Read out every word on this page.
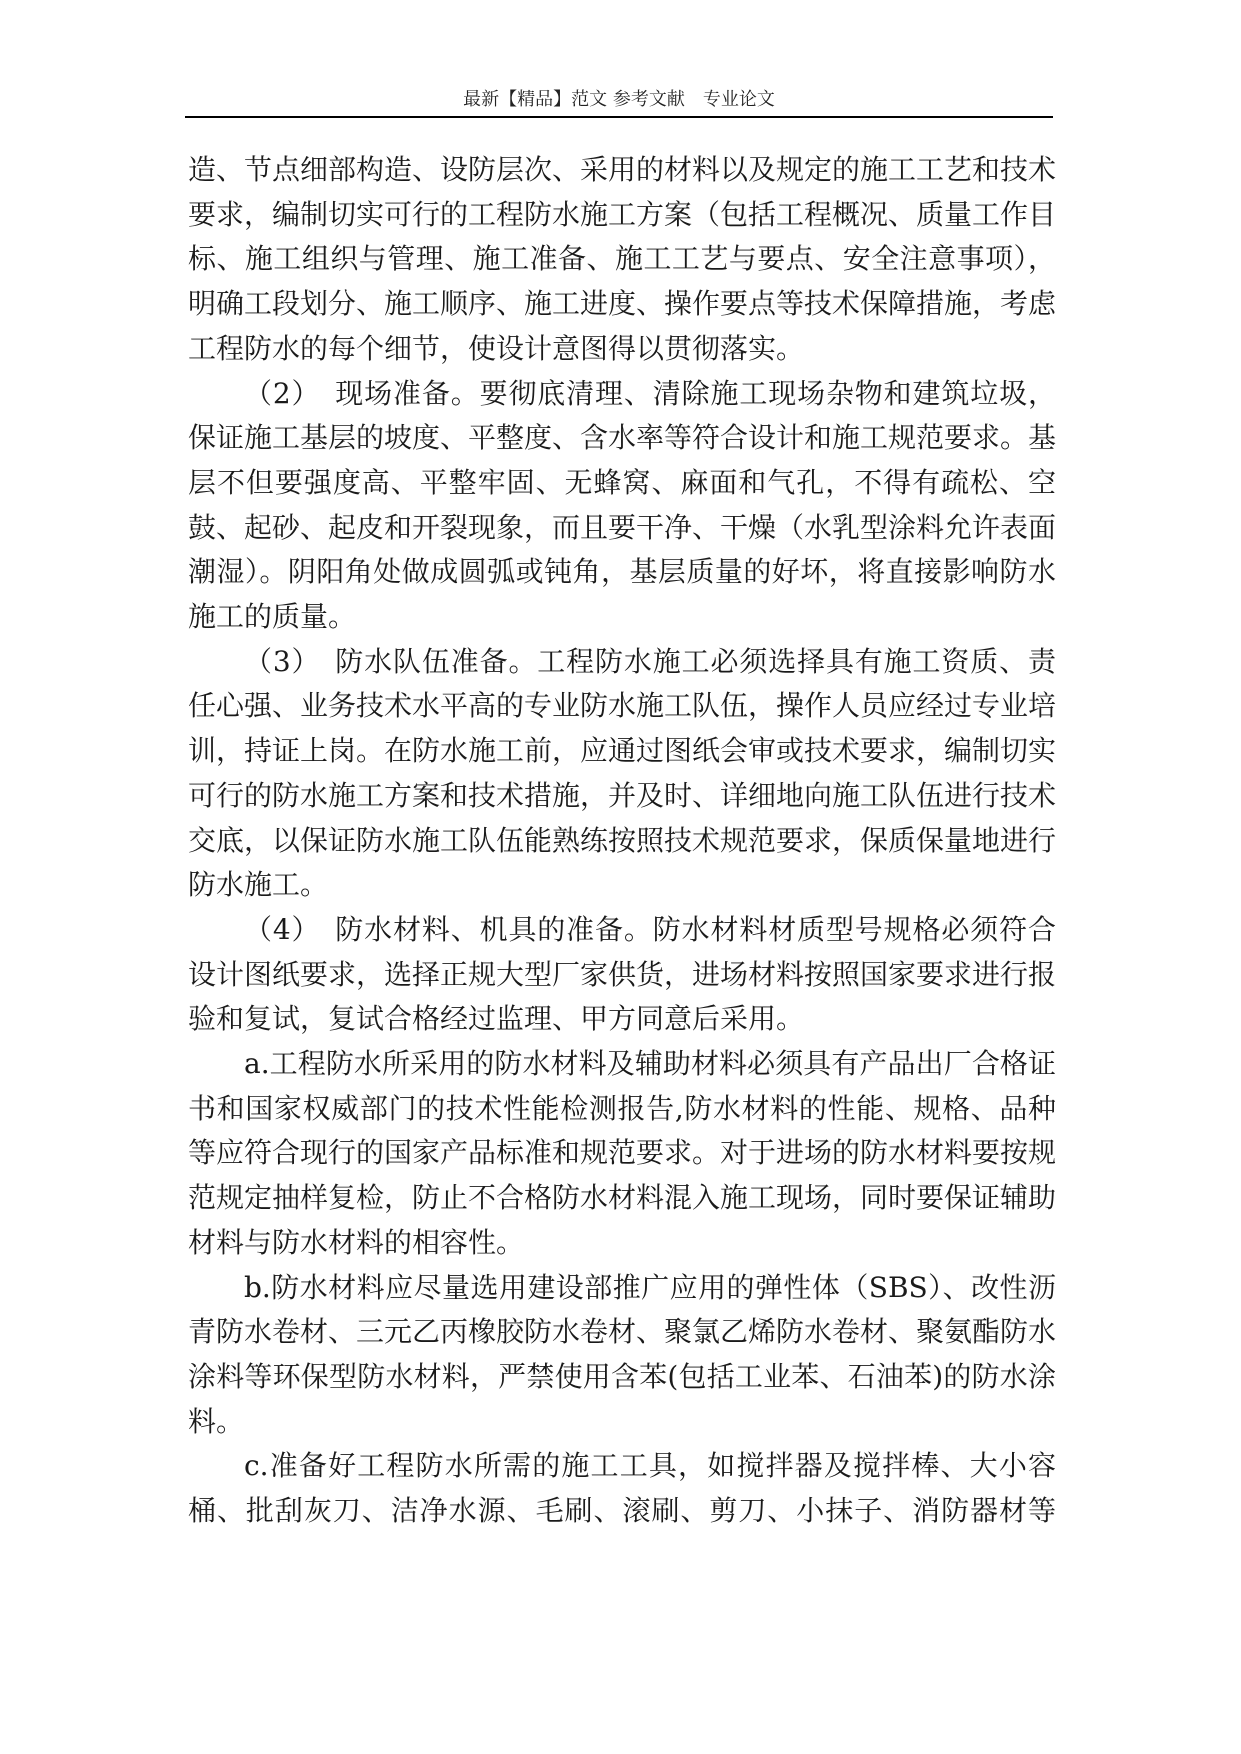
最新【精品】范文 参考文献　专业论文

造、节点细部构造、设防层次、采用的材料以及规定的施工工艺和技术要求，编制切实可行的工程防水施工方案（包括工程概况、质量工作目标、施工组织与管理、施工准备、施工工艺与要点、安全注意事项），明确工段划分、施工顺序、施工进度、操作要点等技术保障措施，考虑工程防水的每个细节，使设计意图得以贯彻落实。

（2）　现场准备。要彻底清理、清除施工现场杂物和建筑垃圾，保证施工基层的坡度、平整度、含水率等符合设计和施工规范要求。基层不但要强度高、平整牢固、无蜂窝、麻面和气孔，不得有疏松、空鼓、起砂、起皮和开裂现象，而且要干净、干燥（水乳型涂料允许表面潮湿）。阴阳角处做成圆弧或钝角，基层质量的好坏，将直接影响防水施工的质量。

（3）　防水队伍准备。工程防水施工必须选择具有施工资质、责任心强、业务技术水平高的专业防水施工队伍，操作人员应经过专业培训，持证上岗。在防水施工前，应通过图纸会审或技术要求，编制切实可行的防水施工方案和技术措施，并及时、详细地向施工队伍进行技术交底，以保证防水施工队伍能熟练按照技术规范要求，保质保量地进行防水施工。

（4）　防水材料、机具的准备。防水材料材质型号规格必须符合设计图纸要求，选择正规大型厂家供货，进场材料按照国家要求进行报验和复试，复试合格经过监理、甲方同意后采用。

a.工程防水所采用的防水材料及辅助材料必须具有产品出厂合格证书和国家权威部门的技术性能检测报告,防水材料的性能、规格、品种等应符合现行的国家产品标准和规范要求。对于进场的防水材料要按规范规定抽样复检，防止不合格防水材料混入施工现场，同时要保证辅助材料与防水材料的相容性。

b.防水材料应尽量选用建设部推广应用的弹性体（SBS）、改性沥青防水卷材、三元乙丙橡胶防水卷材、聚氯乙烯防水卷材、聚氨酯防水涂料等环保型防水材料，严禁使用含苯(包括工业苯、石油苯)的防水涂料。

c.准备好工程防水所需的施工工具，如搅拌器及搅拌棒、大小容桶、批刮灰刀、洁净水源、毛刷、滚刷、剪刀、小抹子、消防器材等
